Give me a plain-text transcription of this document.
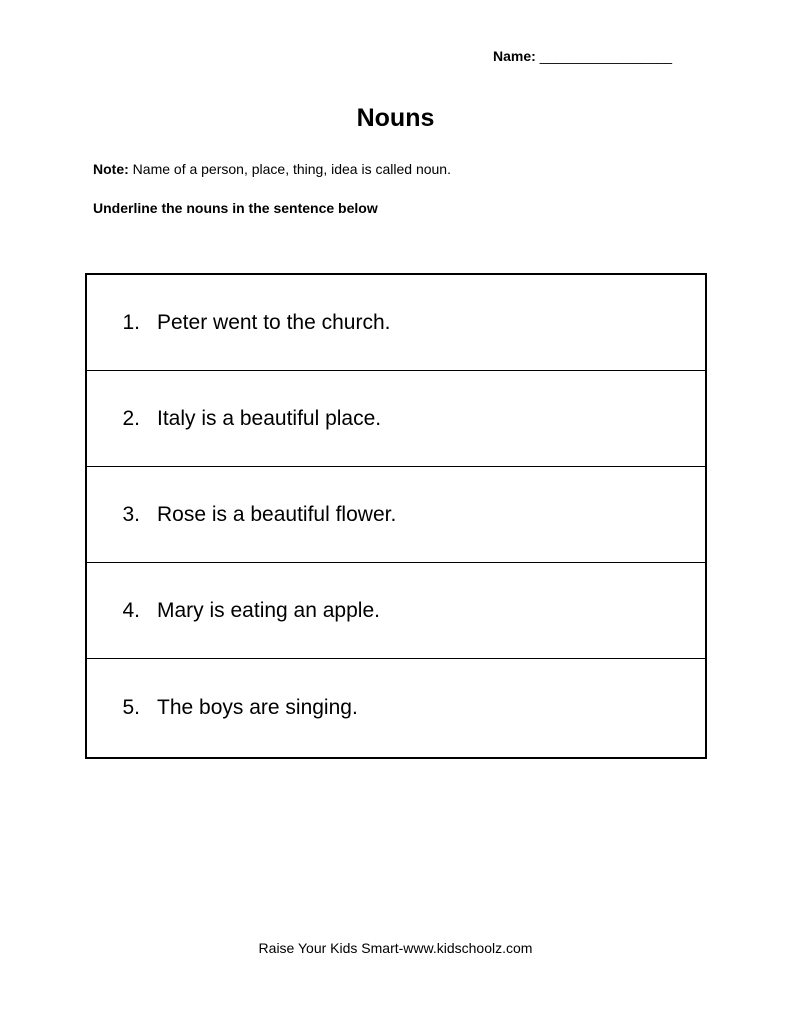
Name: _________________
Nouns
Note: Name of a person, place, thing, idea is called noun.
Underline the nouns in the sentence below
1. Peter went to the church.
2. Italy is a beautiful place.
3. Rose is a beautiful flower.
4. Mary is eating an apple.
5. The boys are singing.
Raise Your Kids Smart-www.kidschoolz.com
